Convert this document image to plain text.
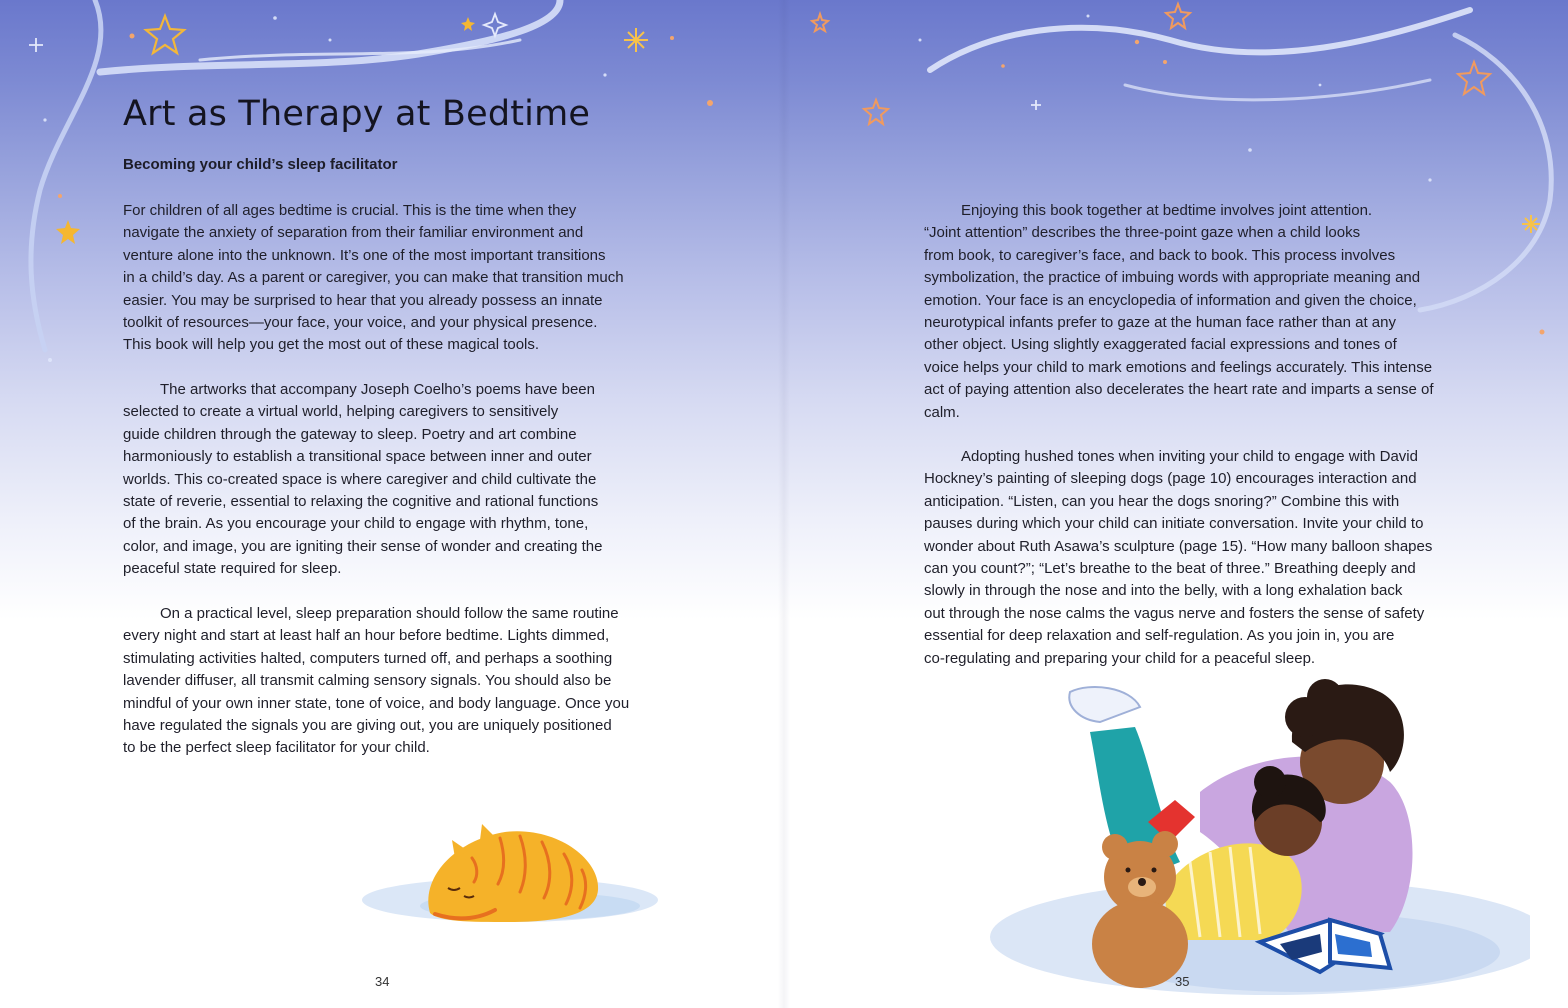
Art as Therapy at Bedtime
Becoming your child’s sleep facilitator

For children of all ages bedtime is crucial. This is the time when they
navigate the anxiety of separation from their familiar environment and
venture alone into the unknown. It’s one of the most important transitions
in a child’s day. As a parent or caregiver, you can make that transition much
easier. You may be surprised to hear that you already possess an innate
toolkit of resources—your face, your voice, and your physical presence.
This book will help you get the most out of these magical tools.

The artworks that accompany Joseph Coelho’s poems have been
selected to create a virtual world, helping caregivers to sensitively
guide children through the gateway to sleep. Poetry and art combine
harmoniously to establish a transitional space between inner and outer
worlds. This co-created space is where caregiver and child cultivate the
state of reverie, essential to relaxing the cognitive and rational functions
of the brain. As you encourage your child to engage with rhythm, tone,
color, and image, you are igniting their sense of wonder and creating the
peaceful state required for sleep.

On a practical level, sleep preparation should follow the same routine
every night and start at least half an hour before bedtime. Lights dimmed,
stimulating activities halted, computers turned off, and perhaps a soothing
lavender diffuser, all transmit calming sensory signals. You should also be
mindful of your own inner state, tone of voice, and body language. Once you
have regulated the signals you are giving out, you are uniquely positioned
to be the perfect sleep facilitator for your child.

34

Enjoying this book together at bedtime involves joint attention.
“Joint attention” describes the three-point gaze when a child looks
from book, to caregiver’s face, and back to book. This process involves
symbolization, the practice of imbuing words with appropriate meaning and
emotion. Your face is an encyclopedia of information and given the choice,
neurotypical infants prefer to gaze at the human face rather than at any
other object. Using slightly exaggerated facial expressions and tones of
voice helps your child to mark emotions and feelings accurately. This intense
act of paying attention also decelerates the heart rate and imparts a sense of
calm.

Adopting hushed tones when inviting your child to engage with David
Hockney’s painting of sleeping dogs (page 10) encourages interaction and
anticipation. “Listen, can you hear the dogs snoring?” Combine this with
pauses during which your child can initiate conversation. Invite your child to
wonder about Ruth Asawa’s sculpture (page 15). “How many balloon shapes
can you count?”; “Let’s breathe to the beat of three.” Breathing deeply and
slowly in through the nose and into the belly, with a long exhalation back
out through the nose calms the vagus nerve and fosters the sense of safety
essential for deep relaxation and self-regulation. As you join in, you are
co-regulating and preparing your child for a peaceful sleep.

35
